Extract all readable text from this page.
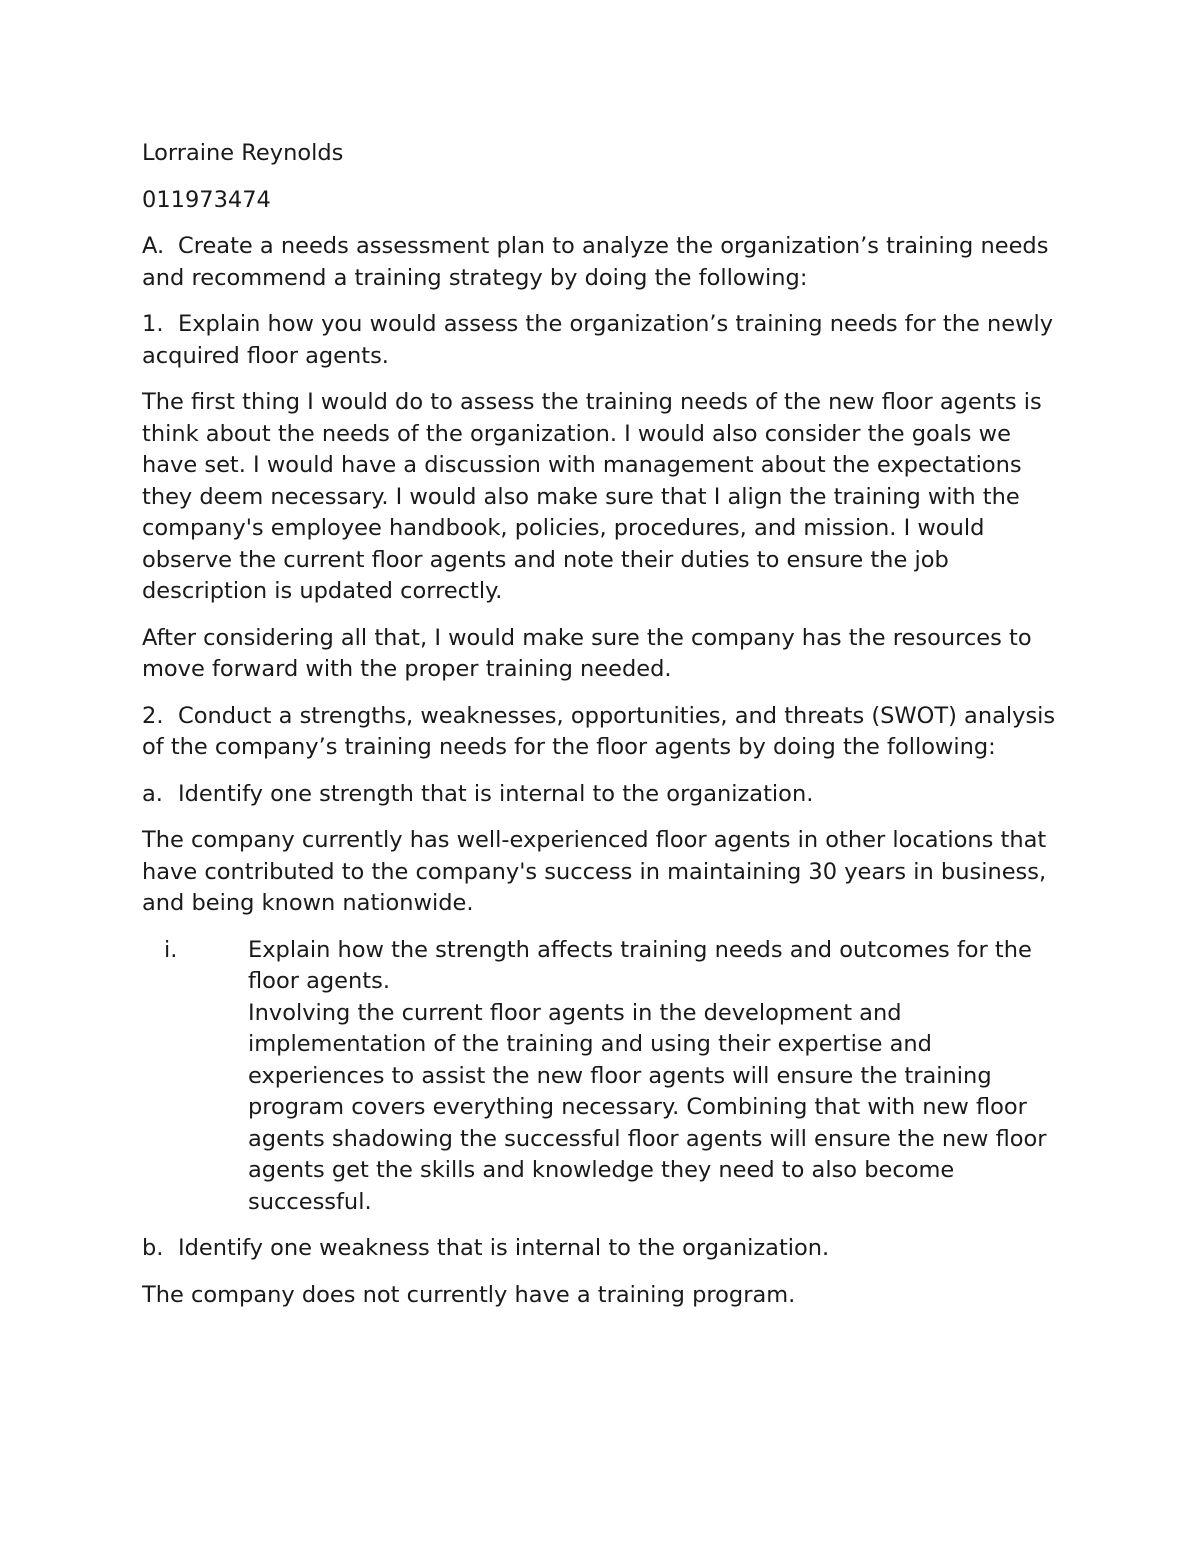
Lorraine Reynolds

011973474

A. Create a needs assessment plan to analyze the organization’s training needs and recommend a training strategy by doing the following:

1. Explain how you would assess the organization’s training needs for the newly acquired floor agents.

The first thing I would do to assess the training needs of the new floor agents is think about the needs of the organization. I would also consider the goals we have set. I would have a discussion with management about the expectations they deem necessary. I would also make sure that I align the training with the company's employee handbook, policies, procedures, and mission. I would observe the current floor agents and note their duties to ensure the job description is updated correctly.

After considering all that, I would make sure the company has the resources to move forward with the proper training needed.

2. Conduct a strengths, weaknesses, opportunities, and threats (SWOT) analysis of the company’s training needs for the floor agents by doing the following:

a. Identify one strength that is internal to the organization.

The company currently has well-experienced floor agents in other locations that have contributed to the company's success in maintaining 30 years in business, and being known nationwide.

i.	Explain how the strength affects training needs and outcomes for the floor agents.
Involving the current floor agents in the development and implementation of the training and using their expertise and experiences to assist the new floor agents will ensure the training program covers everything necessary. Combining that with new floor agents shadowing the successful floor agents will ensure the new floor agents get the skills and knowledge they need to also become successful.

b. Identify one weakness that is internal to the organization.

The company does not currently have a training program.
